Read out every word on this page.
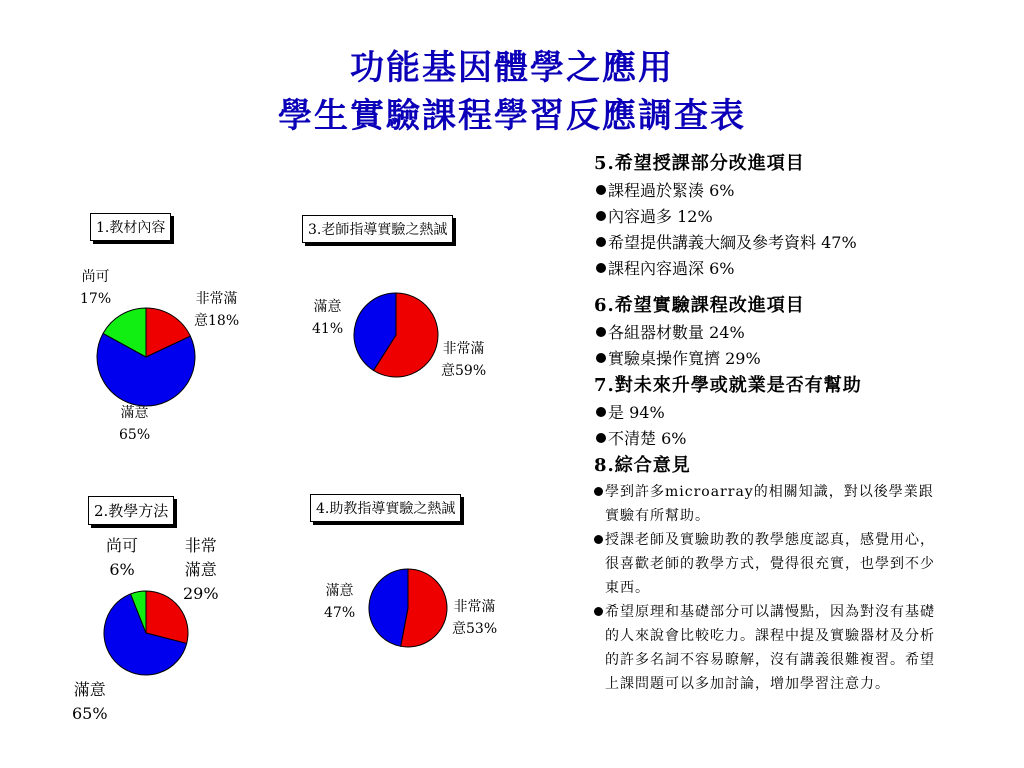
功能基因體學之應用
學生實驗課程學習反應調查表
1.教材內容
非常滿
意18%
滿意
65%
尚可
17%
3.老師指導實驗之熱誠
非常滿
意59%
滿意
41%
2.教學方法
非常
滿意
29%
滿意
65%
尚可
6%
4.助教指導實驗之熱誠
非常滿
意53%
滿意
47%
5.希望授課部分改進項目
課程過於緊湊 6%
內容過多 12%
希望提供講義大綱及參考資料 47%
課程內容過深 6%
6.希望實驗課程改進項目
各組器材數量 24%
實驗桌操作寬擠 29%
7.對未來升學或就業是否有幫助
是 94%
不清楚 6%
8.綜合意見
學到許多microarray的相關知識，對以後學業跟實驗有所幫助。
授課老師及實驗助教的教學態度認真，感覺用心，很喜歡老師的教學方式，覺得很充實，也學到不少東西。
希望原理和基礎部分可以講慢點，因為對沒有基礎的人來說會比較吃力。課程中提及實驗器材及分析的許多名詞不容易瞭解，沒有講義很難複習。希望上課問題可以多加討論，增加學習注意力。
